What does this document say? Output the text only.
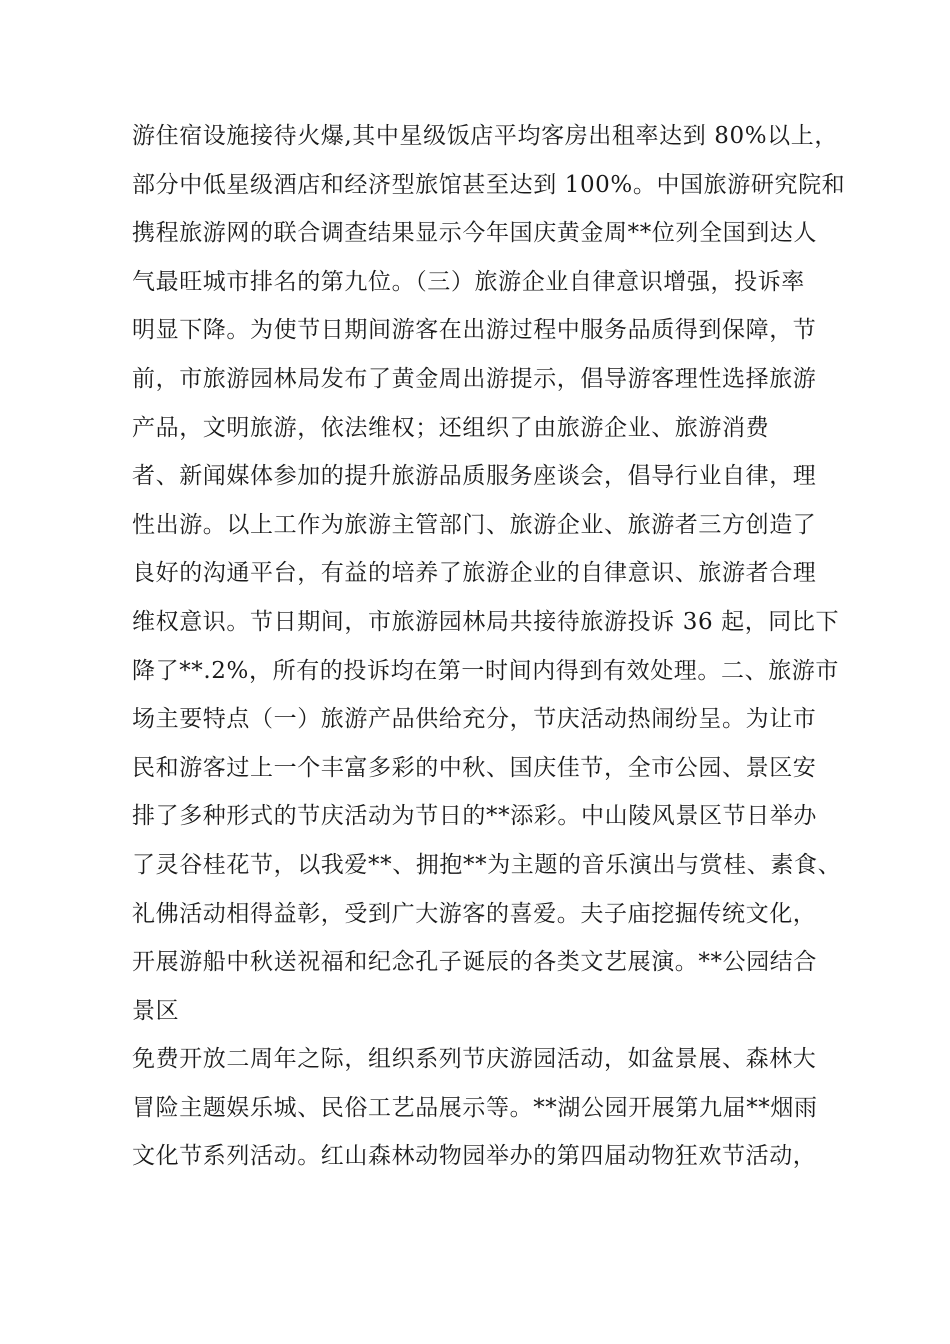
游住宿设施接待火爆,其中星级饭店平均客房出租率达到 80%以上，
部分中低星级酒店和经济型旅馆甚至达到 100%。中国旅游研究院和
携程旅游网的联合调查结果显示今年国庆黄金周**位列全国到达人
气最旺城市排名的第九位。（三）旅游企业自律意识增强，投诉率
明显下降。为使节日期间游客在出游过程中服务品质得到保障，节
前，市旅游园林局发布了黄金周出游提示，倡导游客理性选择旅游
产品，文明旅游，依法维权；还组织了由旅游企业、旅游消费
者、新闻媒体参加的提升旅游品质服务座谈会，倡导行业自律，理
性出游。以上工作为旅游主管部门、旅游企业、旅游者三方创造了
良好的沟通平台，有益的培养了旅游企业的自律意识、旅游者合理
维权意识。节日期间，市旅游园林局共接待旅游投诉 36 起，同比下
降了**.2%，所有的投诉均在第一时间内得到有效处理。二、旅游市
场主要特点（一）旅游产品供给充分，节庆活动热闹纷呈。为让市
民和游客过上一个丰富多彩的中秋、国庆佳节，全市公园、景区安
排了多种形式的节庆活动为节日的**添彩。中山陵风景区节日举办
了灵谷桂花节，以我爱**、拥抱**为主题的音乐演出与赏桂、素食、
礼佛活动相得益彰，受到广大游客的喜爱。夫子庙挖掘传统文化，
开展游船中秋送祝福和纪念孔子诞辰的各类文艺展演。**公园结合
景区
免费开放二周年之际，组织系列节庆游园活动，如盆景展、森林大
冒险主题娱乐城、民俗工艺品展示等。**湖公园开展第九届**烟雨
文化节系列活动。红山森林动物园举办的第四届动物狂欢节活动，
